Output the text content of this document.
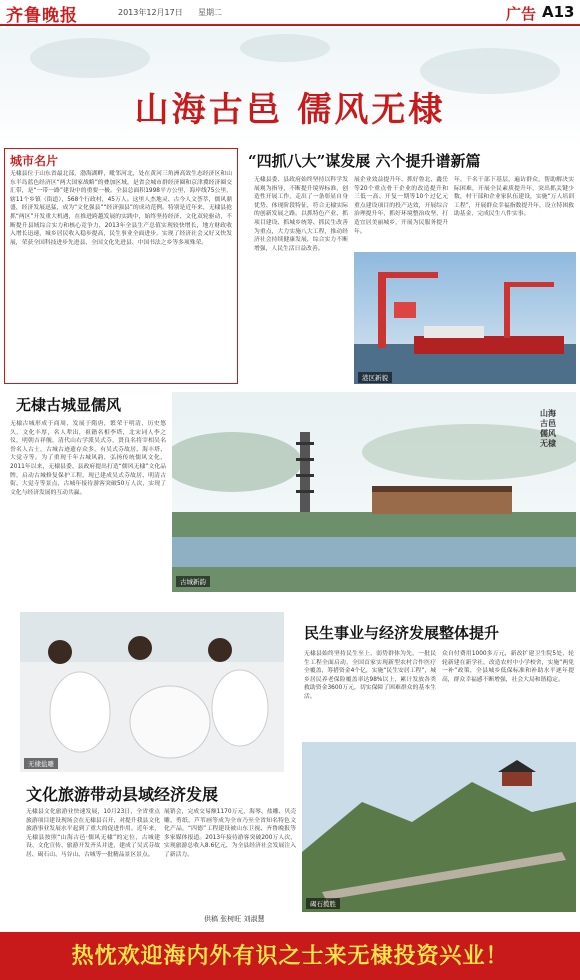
齐鲁晚报	2013年12月17日 星期二	广告 A13
山海古邑 儒风无棣
城市名片
无棣县位于山东省最北部，渤海湖畔，毗邻河北，处在黄河三角洲高效生态经济区和山东半岛蓝色经济区“两大国家战略”的叠加区域，是省会城市群经济圈和京津冀经济圈交汇带，是“一带一路”建设中的重要一极。全县总面积1998平方公里，海岸线75公里，辖11个乡镇（街道），568个行政村，45万人。这里人杰地灵、古今人文荟萃，儒风鼎盛，经济发展迅猛，成为“文化强县”“经济强县”的成功范例。特别是近年来，无棣县抢抓“两区”开发重大机遇，在推进跨越发展的实践中，始终坚持经济、文化双轮驱动，不断提升县域综合实力和核心竞争力，2013年全县生产总值实现较快增长，地方财政收入增长迅速，城乡居民收入稳步提高，民生事业全面进步，实现了经济社会又好又快发展，荣获全国科技进步先进县、全国文化先进县、中国书法之乡等多项殊荣。
“四抓八大”谋发展 六个提升谱新篇
无棣县委、县政府始终坚持以科学发展观为指导，不断提升境界标准，创造性开展工作，走出了一条彰显自身优势、体现阶段特征，符合无棣实际的创新发展之路。以抓特色产业、抓项目建设、抓城乡统筹、抓民生改善为重点，大力实施八大工程，推动经济社会持续健康发展，综合实力不断增强，人民生活日益改善。
展企业效益提升年、抓好鲁北、鑫岳等20个重点骨干企业的改造提升和三低一高、开复一期等10个过亿元重点建设项目的投产达效，开展综合治理提升年，抓好环境整治攻坚，打造宜居美丽城乡，开展为民服务提升年。
年，千名干部下基层，遍访群众，帮助解决实际困难，开展全民素质提升年，突出抓关键少数，村干部和企业家队伍建设，实施“万人培训工程”，开展群众幸福指数提升年，设立特困救助基金，完成民生八件实事。
港区新貌
无棣古城显儒风
无棣古城形成于商周，发展于隋唐，繁荣于明清，历史悠久，文化丰厚，名人辈出，祖籍名相李塔，北宋词人李之仪，明朝吉祥舰，清代山右学派吴式芬，贤良名将宰相吴名誉名人古士，古城古迹遗存众多，有吴式芬故居、海丰塔、大觉寺等。为了重现千年古城风韵，弘扬传统儒风文化，2011年以来，无棣县委、县政府提出打造“儒风无棣”文化品牌，启动古城修复保护工程，现已建成吴式芬故居、明清古街、大觉寺等景点，古城年接待游客突破50万人次，实现了文化与经济发展的互动共赢。
山海古邑 儒风无棣
古城新韵
无棣盐雕
民生事业与经济发展整体提升
无棣县始终坚持民生至上，弱势群体为先，一批民生工程全面启动，全国首家实现新型农村合作医疗全覆盖，筹措资金4个亿，实施“民生安居工程”，城乡居民养老保险覆盖率达98%以上，累计发放各类救助资金3600万元，切实保障了困难群众的基本生活。
众自付费用1000多万元，新改扩建卫生院5处，轮轮新建在新学社，改造农村中小学校舍，实施“两免一补”政策，全县城乡低保标准和补助水平逐年提高，群众幸福感不断增强，社会大局和谐稳定。
碣石揽胜
文化旅游带动县域经济发展
无棣县文化旅游业快速发展，10月23日，全省重点旅游项目建设现场会在无棣县召开，对提升我县文化旅游事业发展水平起到了重大的促进作用。近年来，无棣县按照“山海古邑·儒风无棣”的定位，古城建设、文化宣传、旅游开发齐头并进，建成了吴式芬故居、碣石山、马谷山、古城等一批精品景区景点。
展销会，完成交易额1170万元，海琴、盐雕、贝壳雕、剪纸、芦苇画等成为全市乃至全省知名特色文化产品，“四德”工程建设被山东卫视、齐鲁晚报等多家媒体报道。2013年接待游客突破200万人次，实现旅游总收入8.6亿元，为全县经济社会发展注入了新活力。
供稿 张树旺 刘淑慧
热忱欢迎海内外有识之士来无棣投资兴业！
